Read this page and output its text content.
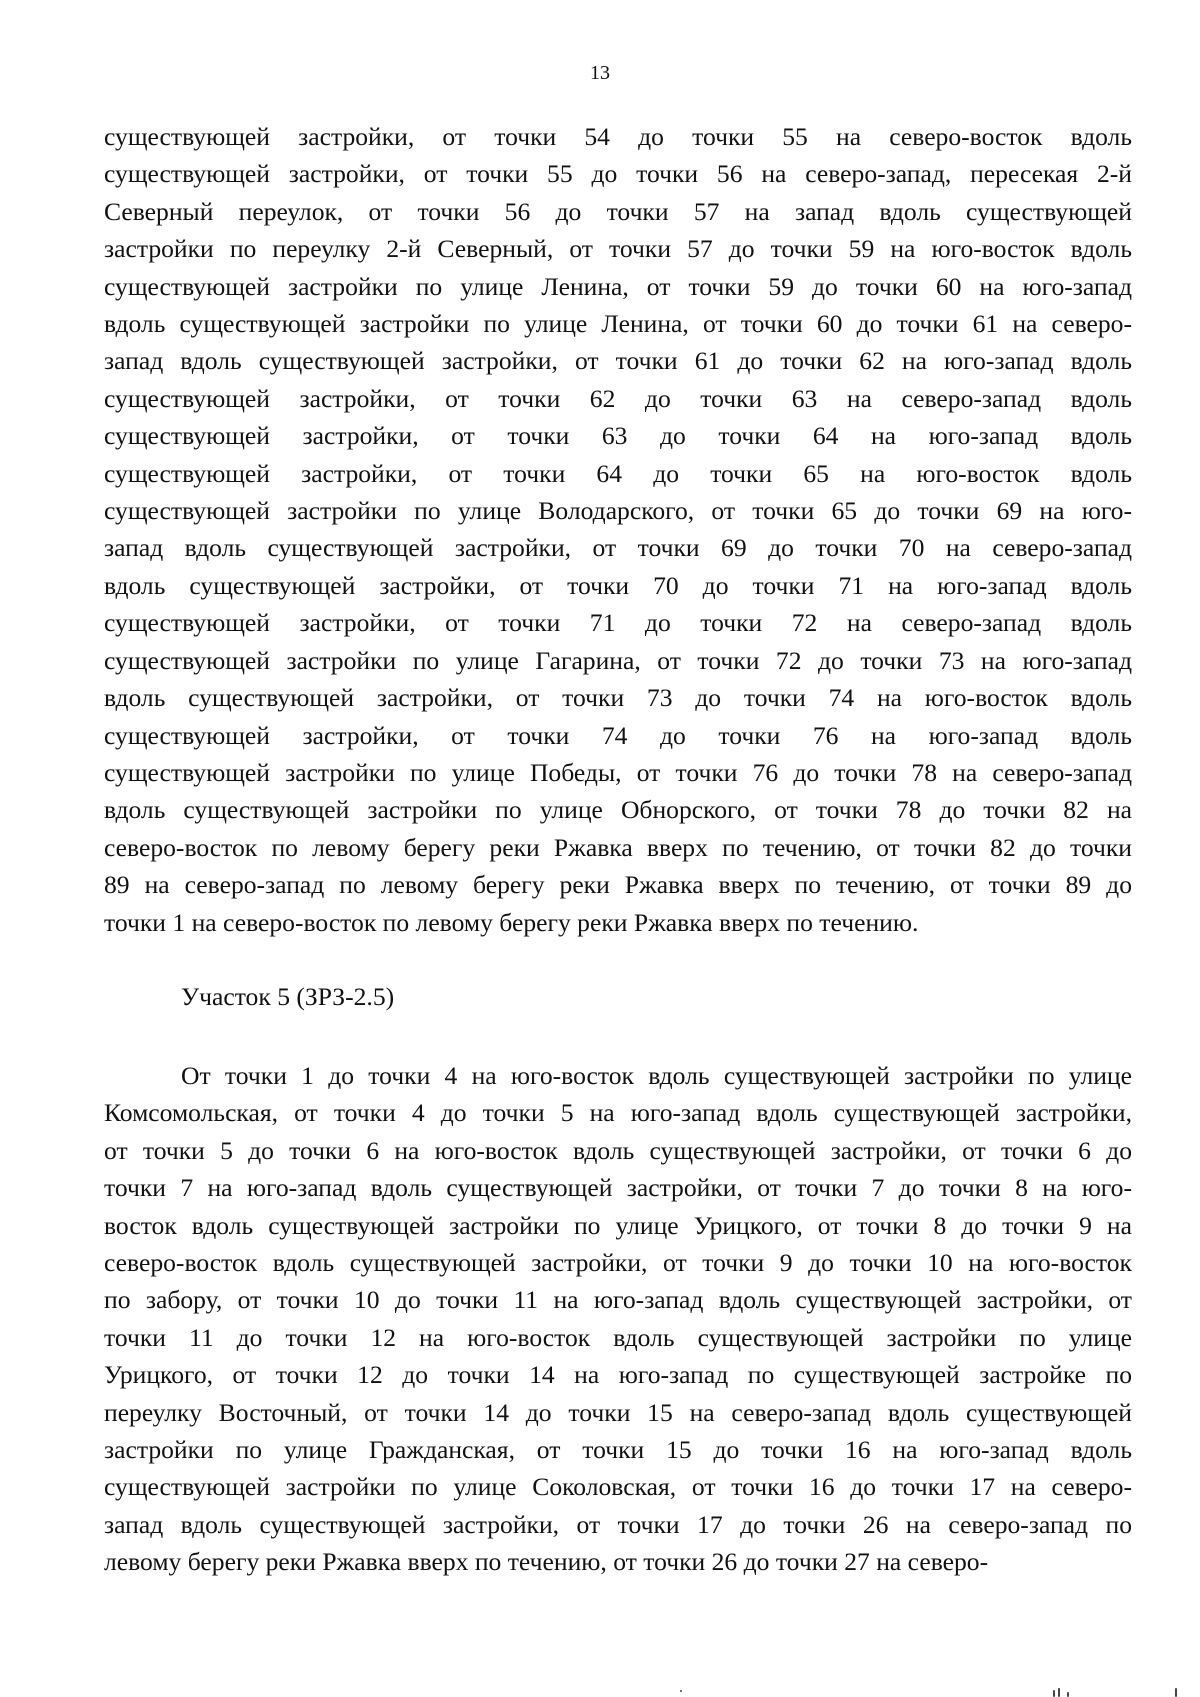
13

существующей застройки, от точки 54 до точки 55 на северо-восток вдоль
существующей застройки, от точки 55 до точки 56 на северо-запад, пересекая 2-й
Северный переулок, от точки 56 до точки 57 на запад вдоль существующей
застройки по переулку 2-й Северный, от точки 57 до точки 59 на юго-восток вдоль
существующей застройки по улице Ленина, от точки 59 до точки 60 на юго-запад
вдоль существующей застройки по улице Ленина, от точки 60 до точки 61 на северо-
запад вдоль существующей застройки, от точки 61 до точки 62 на юго-запад вдоль
существующей застройки, от точки 62 до точки 63 на северо-запад вдоль
существующей застройки, от точки 63 до точки 64 на юго-запад вдоль
существующей застройки, от точки 64 до точки 65 на юго-восток вдоль
существующей застройки по улице Володарского, от точки 65 до точки 69 на юго-
запад вдоль существующей застройки, от точки 69 до точки 70 на северо-запад
вдоль существующей застройки, от точки 70 до точки 71 на юго-запад вдоль
существующей застройки, от точки 71 до точки 72 на северо-запад вдоль
существующей застройки по улице Гагарина, от точки 72 до точки 73 на юго-запад
вдоль существующей застройки, от точки 73 до точки 74 на юго-восток вдоль
существующей застройки, от точки 74 до точки 76 на юго-запад вдоль
существующей застройки по улице Победы, от точки 76 до точки 78 на северо-запад
вдоль существующей застройки по улице Обнорского, от точки 78 до точки 82 на
северо-восток по левому берегу реки Ржавка вверх по течению, от точки 82 до точки
89 на северо-запад по левому берегу реки Ржавка вверх по течению, от точки 89 до
точки 1 на северо-восток по левому берегу реки Ржавка вверх по течению.

Участок 5 (ЗРЗ-2.5)

От точки 1 до точки 4 на юго-восток вдоль существующей застройки по улице
Комсомольская, от точки 4 до точки 5 на юго-запад вдоль существующей застройки,
от точки 5 до точки 6 на юго-восток вдоль существующей застройки, от точки 6 до
точки 7 на юго-запад вдоль существующей застройки, от точки 7 до точки 8 на юго-
восток вдоль существующей застройки по улице Урицкого, от точки 8 до точки 9 на
северо-восток вдоль существующей застройки, от точки 9 до точки 10 на юго-восток
по забору, от точки 10 до точки 11 на юго-запад вдоль существующей застройки, от
точки 11 до точки 12 на юго-восток вдоль существующей застройки по улице
Урицкого, от точки 12 до точки 14 на юго-запад по существующей застройке по
переулку Восточный, от точки 14 до точки 15 на северо-запад вдоль существующей
застройки по улице Гражданская, от точки 15 до точки 16 на юго-запад вдоль
существующей застройки по улице Соколовская, от точки 16 до точки 17 на северо-
запад вдоль существующей застройки, от точки 17 до точки 26 на северо-запад по
левому берегу реки Ржавка вверх по течению, от точки 26 до точки 27 на северо-
